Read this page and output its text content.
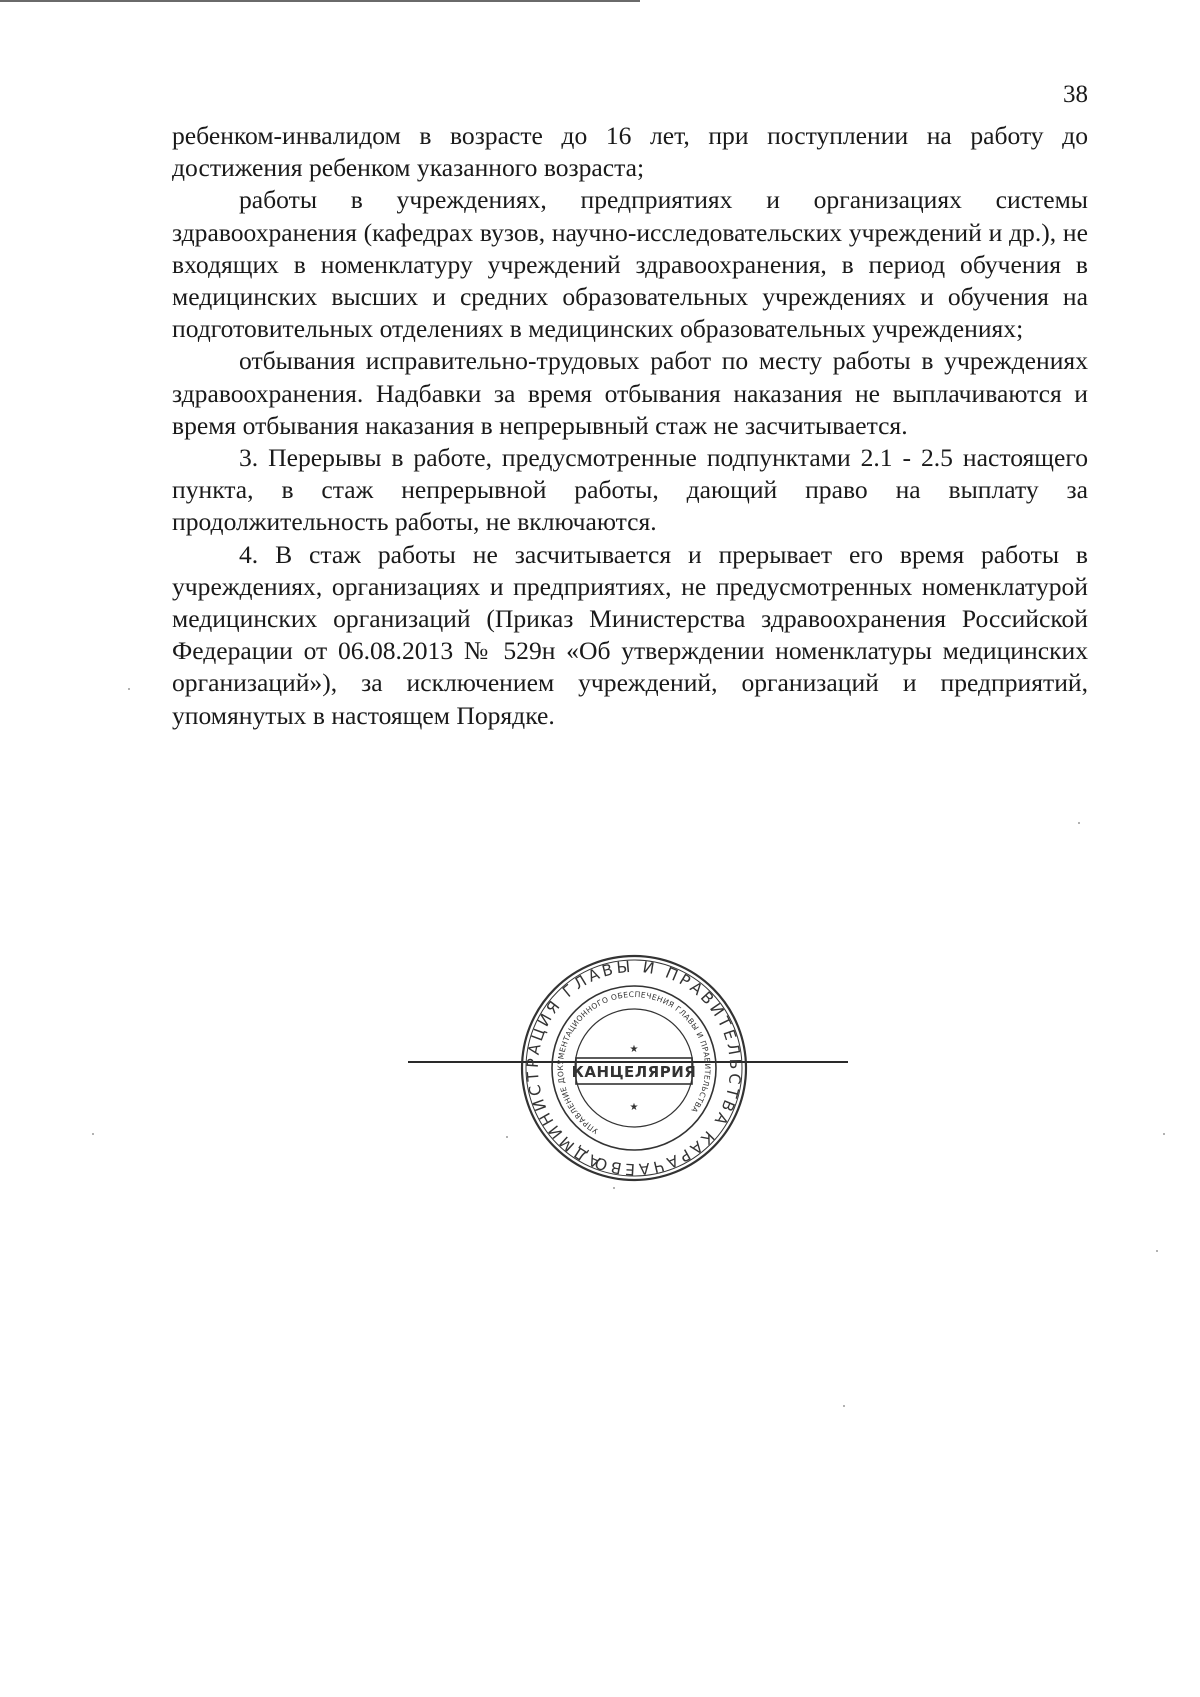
38

ребенком-инвалидом в возрасте до 16 лет, при поступлении на работу до достижения ребенком указанного возраста;

работы в учреждениях, предприятиях и организациях системы здравоохранения (кафедрах вузов, научно-исследовательских учреждений и др.), не входящих в номенклатуру учреждений здравоохранения, в период обучения в медицинских высших и средних образовательных учреждениях и обучения на подготовительных отделениях в медицинских образовательных учреждениях;

отбывания исправительно-трудовых работ по месту работы в учреждениях здравоохранения. Надбавки за время отбывания наказания не выплачиваются и время отбывания наказания в непрерывный стаж не засчитывается.

3. Перерывы в работе, предусмотренные подпунктами 2.1 - 2.5 настоящего пункта, в стаж непрерывной работы, дающий право на выплату за продолжительность работы, не включаются.

4. В стаж работы не засчитывается и прерывает его время работы в учреждениях, организациях и предприятиях, не предусмотренных номенклатурой медицинских организаций (Приказ Министерства здравоохранения Российской Федерации от 06.08.2013 № 529н «Об утверждении номенклатуры медицинских организаций»), за исключением учреждений, организаций и предприятий, упомянутых в настоящем Порядке.

АДМИНИСТРАЦИЯ ГЛАВЫ И ПРАВИТЕЛЬСТВА КАРАЧАЕВО-ЧЕРКЕССКОЙ	УПРАВЛЕНИЕ ДОКУМЕНТАЦИОННОГО ОБЕСПЕЧЕНИЯ ГЛАВЫ И ПРАВИТЕЛЬСТВА
КАНЦЕЛЯРИЯ
★
★
